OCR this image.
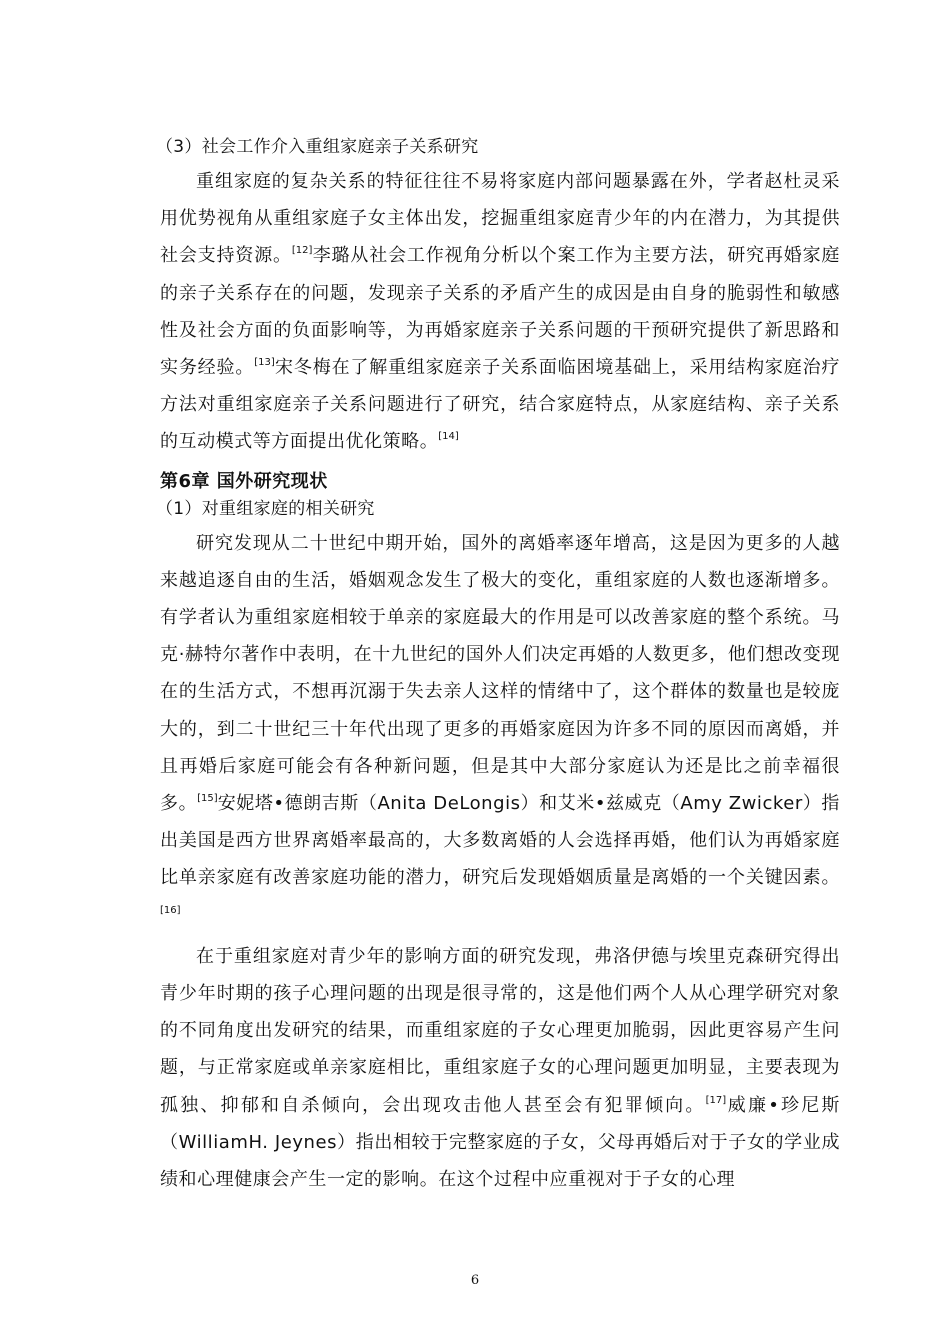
（3）社会工作介入重组家庭亲子关系研究

重组家庭的复杂关系的特征往往不易将家庭内部问题暴露在外，学者赵杜灵采用优势视角从重组家庭子女主体出发，挖掘重组家庭青少年的内在潜力，为其提供社会支持资源。[12]李璐从社会工作视角分析以个案工作为主要方法，研究再婚家庭的亲子关系存在的问题，发现亲子关系的矛盾产生的成因是由自身的脆弱性和敏感性及社会方面的负面影响等，为再婚家庭亲子关系问题的干预研究提供了新思路和实务经验。[13]宋冬梅在了解重组家庭亲子关系面临困境基础上，采用结构家庭治疗方法对重组家庭亲子关系问题进行了研究，结合家庭特点，从家庭结构、亲子关系的互动模式等方面提出优化策略。[14]

第6章 国外研究现状
（1）对重组家庭的相关研究

研究发现从二十世纪中期开始，国外的离婚率逐年增高，这是因为更多的人越来越追逐自由的生活，婚姻观念发生了极大的变化，重组家庭的人数也逐渐增多。有学者认为重组家庭相较于单亲的家庭最大的作用是可以改善家庭的整个系统。马克·赫特尔著作中表明，在十九世纪的国外人们决定再婚的人数更多，他们想改变现在的生活方式，不想再沉溺于失去亲人这样的情绪中了，这个群体的数量也是较庞大的，到二十世纪三十年代出现了更多的再婚家庭因为许多不同的原因而离婚，并且再婚后家庭可能会有各种新问题，但是其中大部分家庭认为还是比之前幸福很多。[15]安妮塔•德朗吉斯（Anita DeLongis）和艾米•兹威克（Amy Zwicker）指出美国是西方世界离婚率最高的，大多数离婚的人会选择再婚，他们认为再婚家庭比单亲家庭有改善家庭功能的潜力，研究后发现婚姻质量是离婚的一个关键因素。[16]

在于重组家庭对青少年的影响方面的研究发现，弗洛伊德与埃里克森研究得出青少年时期的孩子心理问题的出现是很寻常的，这是他们两个人从心理学研究对象的不同角度出发研究的结果，而重组家庭的子女心理更加脆弱，因此更容易产生问题，与正常家庭或单亲家庭相比，重组家庭子女的心理问题更加明显，主要表现为孤独、抑郁和自杀倾向，会出现攻击他人甚至会有犯罪倾向。[17]威廉•珍尼斯（WilliamH. Jeynes）指出相较于完整家庭的子女，父母再婚后对于子女的学业成绩和心理健康会产生一定的影响。在这个过程中应重视对于子女的心理

6
